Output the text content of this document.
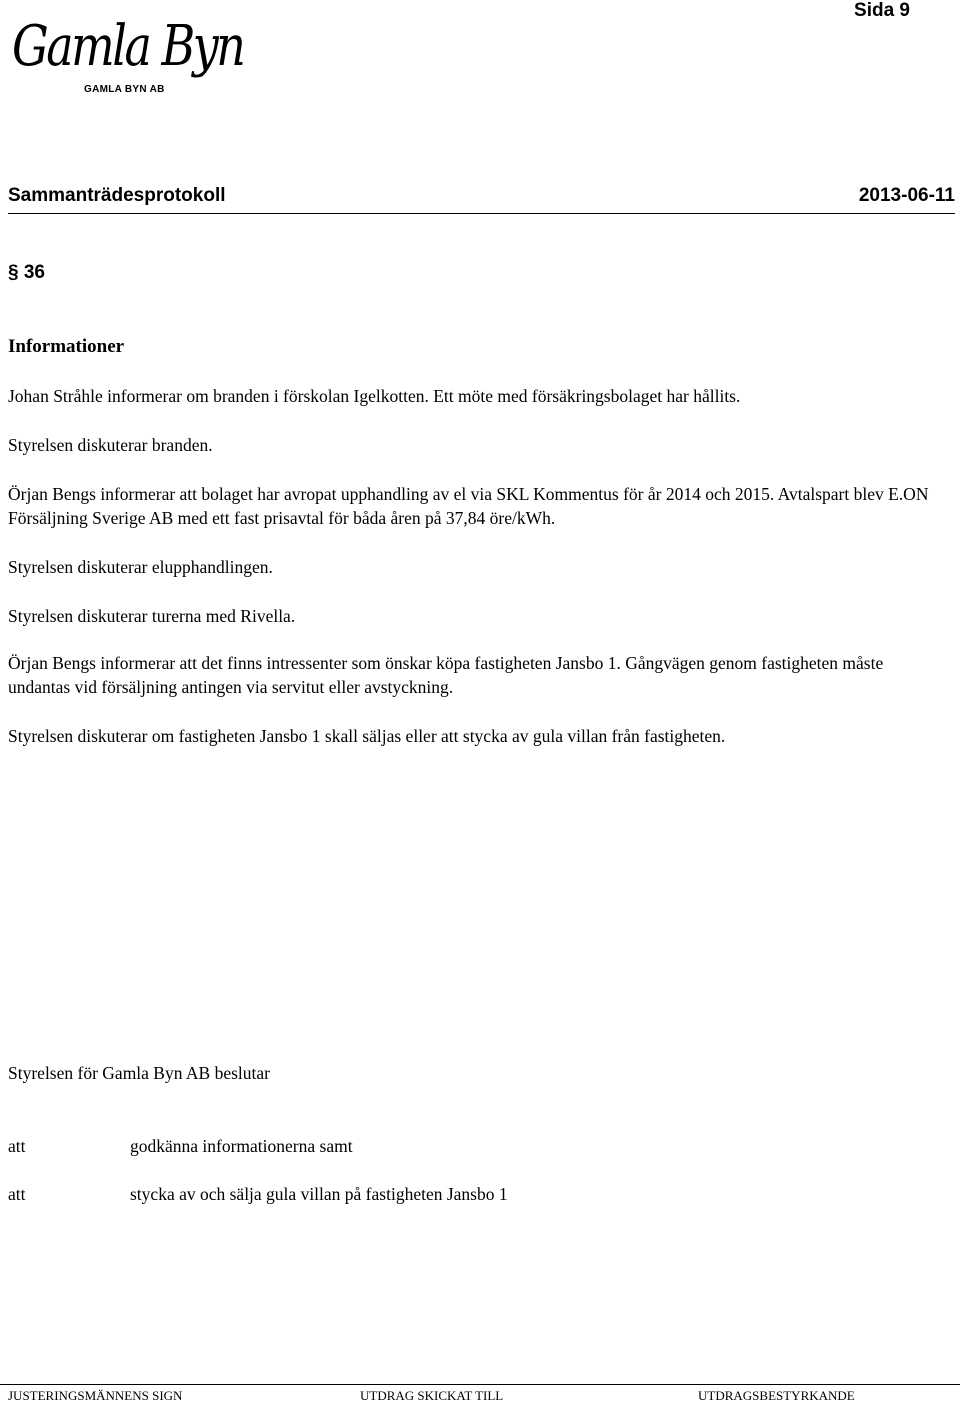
Sida 9
Gamla Byn
GAMLA BYN AB
Sammanträdesprotokoll	2013-06-11
§ 36
Informationer
Johan Stråhle informerar om branden i förskolan Igelkotten. Ett möte med försäkringsbolaget har hållits.
Styrelsen diskuterar branden.
Örjan Bengs informerar att bolaget har avropat upphandling av el via SKL Kommentus för år 2014 och 2015. Avtalspart blev E.ON Försäljning Sverige AB med ett fast prisavtal för båda åren på 37,84 öre/kWh.
Styrelsen diskuterar elupphandlingen.
Styrelsen diskuterar turerna med Rivella.
Örjan Bengs informerar att det finns intressenter som önskar köpa fastigheten Jansbo 1. Gångvägen genom fastigheten måste undantas vid försäljning antingen via servitut eller avstyckning.
Styrelsen diskuterar om fastigheten Jansbo 1 skall säljas eller att stycka av gula villan från fastigheten.
Styrelsen för Gamla Byn AB beslutar
att	godkänna informationerna samt
att	stycka av och sälja gula villan på fastigheten Jansbo 1
JUSTERINGSMÄNNENS SIGN	UTDRAG SKICKAT TILL	UTDRAGSBESTYRKANDE
